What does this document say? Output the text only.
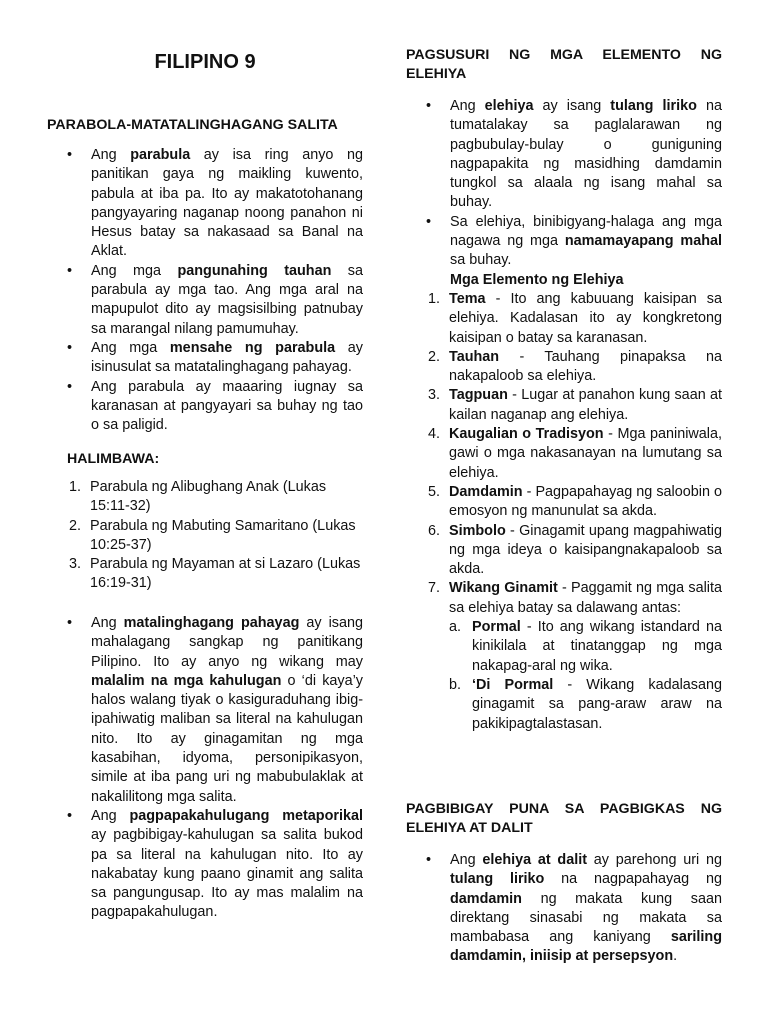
FILIPINO 9
PARABOLA-MATATALINGHAGANG SALITA
• Ang parabula ay isa ring anyo ng panitikan gaya ng maikling kuwento, pabula at iba pa. Ito ay makatotohanang pangyayaring naganap noong panahon ni Hesus batay sa nakasaad sa Banal na Aklat.
• Ang mga pangunahing tauhan sa parabula ay mga tao. Ang mga aral na mapupulot dito ay magsisilbing patnubay sa marangal nilang pamumuhay.
• Ang mga mensahe ng parabula ay isinusulat sa matatalinghagang pahayag.
• Ang parabula ay maaaring iugnay sa karanasan at pangyayari sa buhay ng tao o sa paligid.
HALIMBAWA:
1. Parabula ng Alibughang Anak (Lukas 15:11-32)
2. Parabula ng Mabuting Samaritano (Lukas 10:25-37)
3. Parabula ng Mayaman at si Lazaro (Lukas 16:19-31)
• Ang matalinghagang pahayag ay isang mahalagang sangkap ng panitikang Pilipino. Ito ay anyo ng wikang may malalim na mga kahulugan o ‘di kaya’y halos walang tiyak o kasiguraduhang ibig-ipahiwatig maliban sa literal na kahulugan nito. Ito ay ginagamitan ng mga kasabihan, idyoma, personipikasyon, simile at iba pang uri ng mabubulaklak at nakalilitong mga salita.
• Ang pagpapakahulugang metaporikal ay pagbibigay-kahulugan sa salita bukod pa sa literal na kahulugan nito. Ito ay nakabatay kung paano ginamit ang salita sa pangungusap. Ito ay mas malalim na pagpapakahulugan.
PAGSUSURI NG MGA ELEMENTO NG ELEHIYA
• Ang elehiya ay isang tulang liriko na tumatalakay sa paglalarawan ng pagbubulay-bulay o guniguning nagpapakita ng masidhing damdamin tungkol sa alaala ng isang mahal sa buhay.
• Sa elehiya, binibigyang-halaga ang mga nagawa ng mga namamayapang mahal sa buhay.
Mga Elemento ng Elehiya
1. Tema - Ito ang kabuuang kaisipan sa elehiya. Kadalasan ito ay kongkretong kaisipan o batay sa karanasan.
2. Tauhan - Tauhang pinapaksa na nakapaloob sa elehiya.
3. Tagpuan - Lugar at panahon kung saan at kailan naganap ang elehiya.
4. Kaugalian o Tradisyon - Mga paniniwala, gawi o mga nakasanayan na lumutang sa elehiya.
5. Damdamin - Pagpapahayag ng saloobin o emosyon ng manunulat sa akda.
6. Simbolo - Ginagamit upang magpahiwatig ng mga ideya o kaisipangnakapaloob sa akda.
7. Wikang Ginamit - Paggamit ng mga salita sa elehiya batay sa dalawang antas:
a. Pormal - Ito ang wikang istandard na kinikilala at tinatanggap ng mga nakapag-aral ng wika.
b. ‘Di Pormal - Wikang kadalasang ginagamit sa pang-araw araw na pakikipagtalastasan.
PAGBIBIGAY PUNA SA PAGBIGKAS NG ELEHIYA AT DALIT
• Ang elehiya at dalit ay parehong uri ng tulang liriko na nagpapahayag ng damdamin ng makata kung saan direktang sinasabi ng makata sa mambabasa ang kaniyang sariling damdamin, iniisip at persepsyon.
